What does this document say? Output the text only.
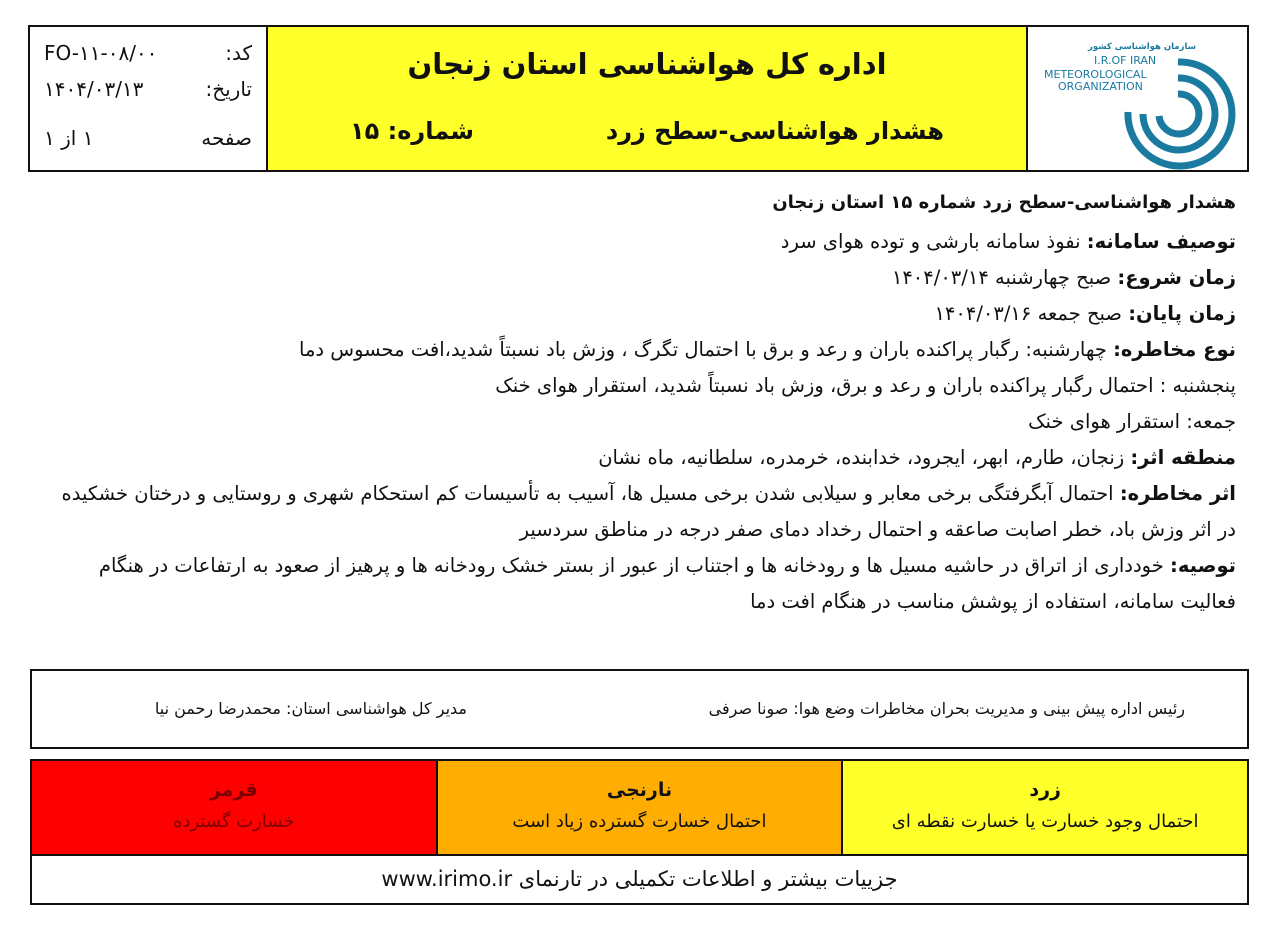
سازمان هواشناسی کشور
I.R.OF IRAN
METEOROLOGICAL
ORGANIZATION
اداره کل هواشناسی استان زنجان
هشدار هواشناسی-سطح زرد
شماره: ۱۵
کد:
FO-۱۱-۰۸/۰۰
تاریخ:
۱۴۰۴/۰۳/۱۳
صفحه
۱ از ۱
هشدار هواشناسی-سطح زرد شماره ۱۵ استان زنجان
توصیف سامانه: نفوذ سامانه بارشی و توده هوای سرد
زمان شروع: صبح چهارشنبه ۱۴۰۴/۰۳/۱۴
زمان پایان: صبح جمعه ۱۴۰۴/۰۳/۱۶
نوع مخاطره: چهارشنبه: رگبار پراکنده باران و رعد و برق با احتمال تگرگ ، وزش باد نسبتاً شدید،افت محسوس دما
پنجشنبه : احتمال رگبار پراکنده باران و رعد و برق، وزش باد نسبتاً شدید، استقرار هوای خنک
جمعه: استقرار هوای خنک
منطقه اثر: زنجان، طارم، ابهر، ایجرود، خدابنده، خرمدره، سلطانیه، ماه نشان
اثر مخاطره: احتمال آبگرفتگی برخی معابر و سیلابی شدن برخی مسیل ها، آسیب به تأسیسات کم استحکام شهری و روستایی و درختان خشکیده در اثر وزش باد، خطر اصابت صاعقه و احتمال رخداد دمای صفر درجه در مناطق سردسیر
توصیه: خودداری از اتراق در حاشیه مسیل ها و رودخانه ها و اجتناب از عبور از بستر خشک رودخانه ها و پرهیز از صعود به ارتفاعات در هنگام فعالیت سامانه، استفاده از پوشش مناسب در هنگام افت دما
رئیس اداره پیش بینی و مدیریت بحران مخاطرات وضع هوا: صونا صرفی
مدیر کل هواشناسی استان: محمدرضا رحمن نیا
زرد
احتمال وجود خسارت یا خسارت نقطه ای
نارنجی
احتمال خسارت گسترده زیاد است
قرمز
خسارت گسترده
جزییات بیشتر و اطلاعات تکمیلی در تارنمای www.irimo.ir
